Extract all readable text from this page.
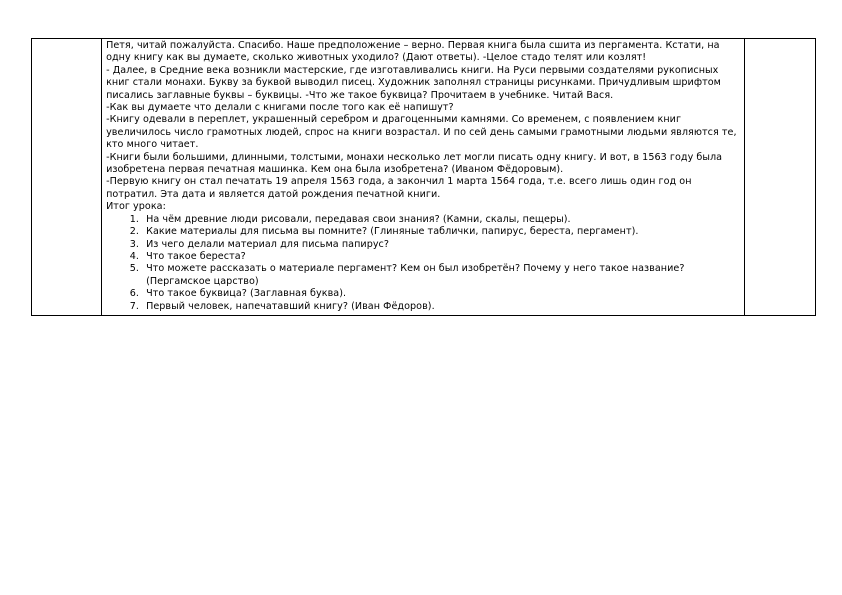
Петя, читай пожалуйста. Спасибо. Наше предположение – верно. Первая книга была сшита из пергамента. Кстати, на одну книгу как вы думаете, сколько животных уходило? (Дают ответы). -Целое стадо телят или козлят!

- Далее, в Средние века возникли мастерские, где изготавливались книги. На Руси первыми создателями рукописных книг стали монахи. Букву за буквой выводил писец. Художник заполнял страницы рисунками. Причудливым шрифтом писались заглавные буквы – буквицы. -Что же такое буквица? Прочитаем в учебнике. Читай Вася.

-Как вы думаете что делали с книгами после того как её напишут?

-Книгу одевали в переплет, украшенный серебром и драгоценными камнями. Со временем, с появлением книг увеличилось число грамотных людей, спрос на книги возрастал. И по сей день самыми грамотными людьми являются те, кто много читает.

-Книги были большими, длинными, толстыми, монахи несколько лет могли писать одну книгу. И вот, в 1563 году была изобретена первая печатная машинка. Кем она была изобретена? (Иваном Фёдоровым).

-Первую книгу он стал печатать 19 апреля 1563 года, а закончил 1 марта 1564 года, т.е. всего лишь один год он потратил. Эта дата и является датой рождения печатной книги.

Итог урока:

1. На чём древние люди рисовали, передавая свои знания? (Камни, скалы, пещеры).
2. Какие материалы для письма вы помните? (Глиняные таблички, папирус, береста, пергамент).
3. Из чего делали материал для письма папирус?
4. Что такое береста?
5. Что можете рассказать о материале пергамент? Кем он был изобретён? Почему у него такое название? (Пергамское царство)
6. Что такое буквица? (Заглавная буква).
7. Первый человек, напечатавший книгу? (Иван Фёдоров).
